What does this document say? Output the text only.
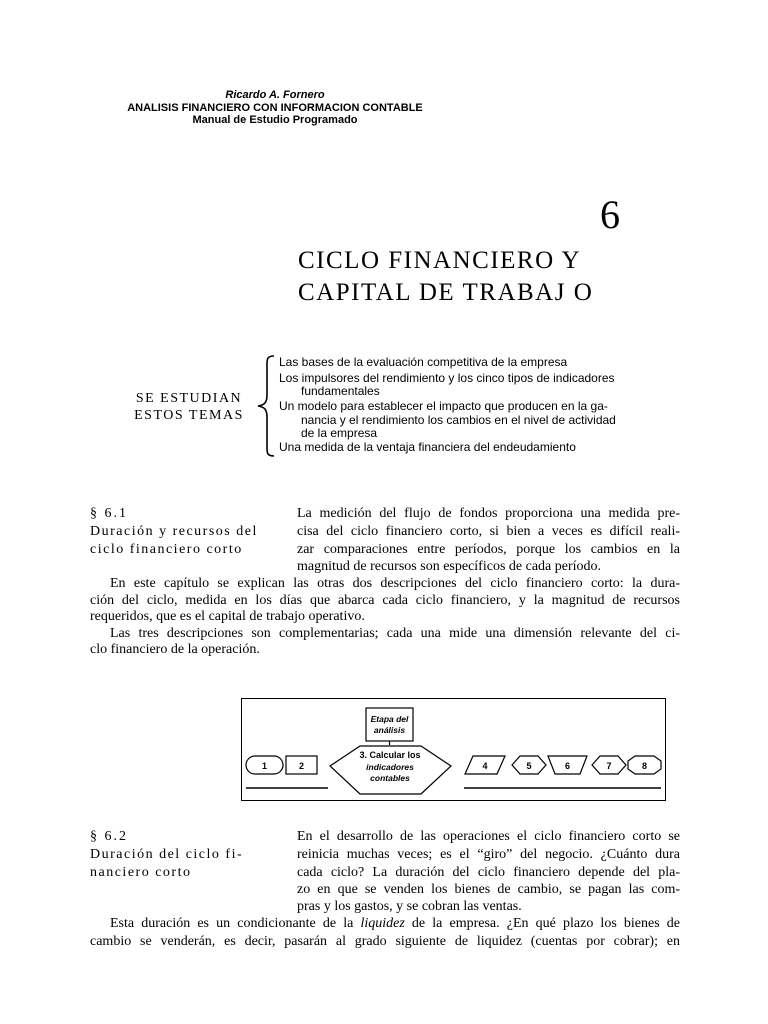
Ricardo A. Fornero
ANALISIS FINANCIERO CON INFORMACION CONTABLE
Manual de Estudio Programado
6
CICLO FINANCIERO Y
CAPITAL DE TRABAJ O
SE ESTUDIAN
ESTOS TEMAS
Las bases de la evaluación competitiva de la empresa
Los impulsores del rendimiento y los cinco tipos de indicadores
fundamentales
Un modelo para establecer el impacto que producen en la ga-
nancia y el rendimiento los cambios en el nivel de actividad
de la empresa
Una medida de la ventaja financiera del endeudamiento
§ 6.1
Duración y recursos del
ciclo financiero corto
La medición del flujo de fondos proporciona una medida pre-
cisa del ciclo financiero corto, si bien a veces es difícil reali-
zar comparaciones entre períodos, porque los cambios en la
magnitud de recursos son específicos de cada período.
En este capítulo se explican las otras dos descripciones del ciclo financiero corto: la dura-
ción del ciclo, medida en los días que abarca cada ciclo financiero, y la magnitud de recursos
requeridos, que es el capital de trabajo operativo.
Las tres descripciones son complementarias; cada una mide una dimensión relevante del ci-
clo financiero de la operación.
Etapa del
análisis
3. Calcular los
indicadores
contables
1	2	4	5	6	7	8
§ 6.2
Duración del ciclo fi-
nanciero corto
En el desarrollo de las operaciones el ciclo financiero corto se
reinicia muchas veces; es el “giro” del negocio. ¿Cuánto dura
cada ciclo? La duración del ciclo financiero depende del pla-
zo en que se venden los bienes de cambio, se pagan las com-
pras y los gastos, y se cobran las ventas.
Esta duración es un condicionante de la liquidez de la empresa. ¿En qué plazo los bienes de
cambio se venderán, es decir, pasarán al grado siguiente de liquidez (cuentas por cobrar); en
